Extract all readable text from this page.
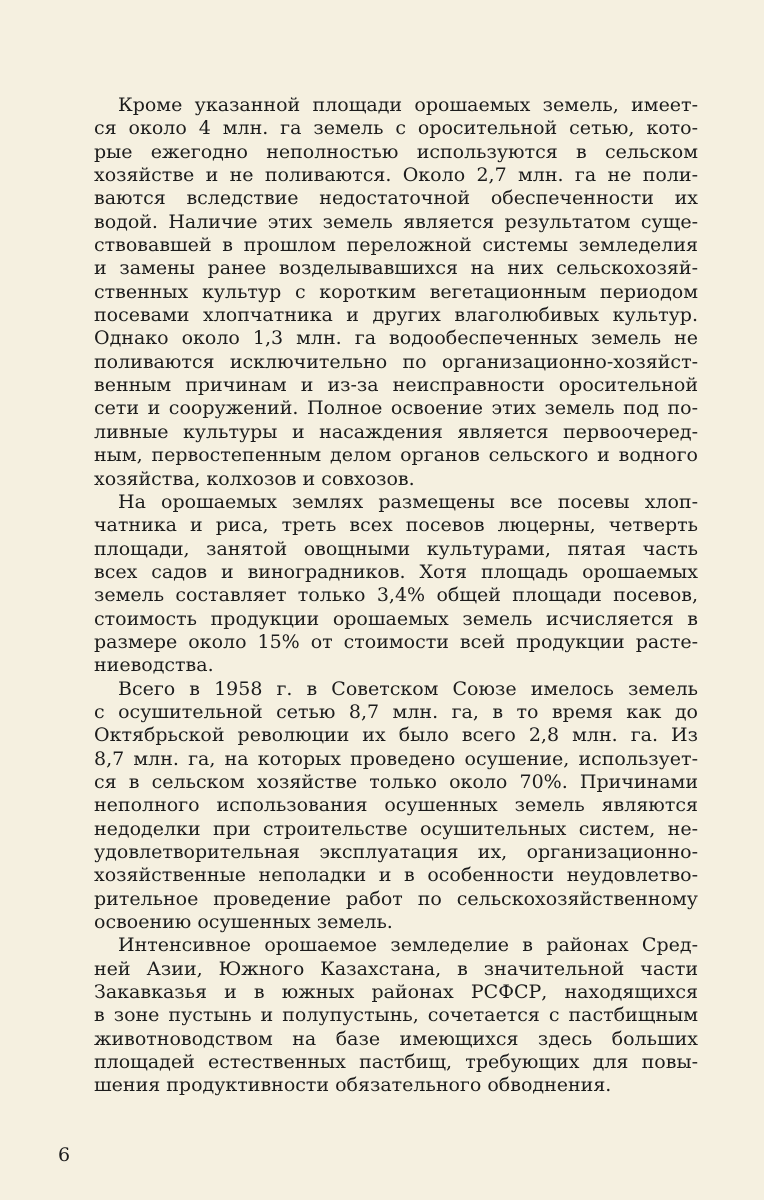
Кроме указанной площади орошаемых земель, имеет-
ся около 4 млн. га земель с оросительной сетью, кото-
рые ежегодно неполностью используются в сельском
хозяйстве и не поливаются. Около 2,7 млн. га не поли-
ваются вследствие недостаточной обеспеченности их
водой. Наличие этих земель является результатом суще-
ствовавшей в прошлом переложной системы земледелия
и замены ранее возделывавшихся на них сельскохозяй-
ственных культур с коротким вегетационным периодом
посевами хлопчатника и других влаголюбивых культур.
Однако около 1,3 млн. га водообеспеченных земель не
поливаются исключительно по организационно-хозяйст-
венным причинам и из-за неисправности оросительной
сети и сооружений. Полное освоение этих земель под по-
ливные культуры и насаждения является первоочеред-
ным, первостепенным делом органов сельского и водного
хозяйства, колхозов и совхозов.
На орошаемых землях размещены все посевы хлоп-
чатника и риса, треть всех посевов люцерны, четверть
площади, занятой овощными культурами, пятая часть
всех садов и виноградников. Хотя площадь орошаемых
земель составляет только 3,4% общей площади посевов,
стоимость продукции орошаемых земель исчисляется в
размере около 15% от стоимости всей продукции расте-
ниеводства.
Всего в 1958 г. в Советском Союзе имелось земель
с осушительной сетью 8,7 млн. га, в то время как до
Октябрьской революции их было всего 2,8 млн. га. Из
8,7 млн. га, на которых проведено осушение, использует-
ся в сельском хозяйстве только около 70%. Причинами
неполного использования осушенных земель являются
недоделки при строительстве осушительных систем, не-
удовлетворительная эксплуатация их, организационно-
хозяйственные неполадки и в особенности неудовлетво-
рительное проведение работ по сельскохозяйственному
освоению осушенных земель.
Интенсивное орошаемое земледелие в районах Сред-
ней Азии, Южного Казахстана, в значительной части
Закавказья и в южных районах РСФСР, находящихся
в зоне пустынь и полупустынь, сочетается с пастбищным
животноводством на базе имеющихся здесь больших
площадей естественных пастбищ, требующих для повы-
шения продуктивности обязательного обводнения.
6
